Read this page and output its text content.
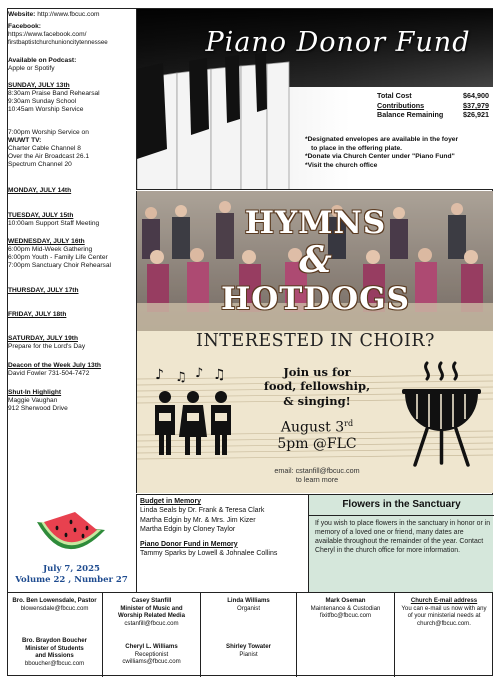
Website: http://www.fbcuc.com
Facebook:
https://www.facebook.com/
firstbaptistchurchunioncitytennessee
Available on Podcast:
Apple or Spotify
SUNDAY, JULY 13th
8:30am Praise Band Rehearsal
9:30am Sunday School
10:45am Worship Service
7:00pm Worship Service on
WUWT TV:
Charter Cable Channel 8
Over the Air Broadcast 26.1
Spectrum Channel 20
MONDAY, JULY 14th
TUESDAY, JULY 15th
10:00am Support Staff Meeting
WEDNESDAY, JULY 16th
6:00pm Mid-Week Gathering
6:00pm Youth - Family Life Center
7:00pm Sanctuary Choir Rehearsal
THURSDAY, JULY 17th
FRIDAY, JULY 18th
SATURDAY, JULY 19th
Prepare for the Lord's Day
Deacon of the Week July 13th
David Fowler 731-504-7472
Shut-In Highlight
Maggie Vaughan
912 Sherwood Drive
Piano Donor Fund
Total Cost	$64,900
Contributions	$37,979
Balance Remaining	$26,921
*Designated envelopes are available in the foyer
to place in the offering plate.
*Donate via Church Center under "Piano Fund"
*Visit the church office
HYMNS
&
HOTDOGS
INTERESTED IN CHOIR?
♪ ♫ ♪ ♫	Join us for
food, fellowship,
& singing!
August 3rd
5pm @FLC
email: cstanfill@fbcuc.com
to learn more
July 7, 2025
Volume 22 , Number 27
Budget in Memory
Linda Seals by Dr. Frank & Teresa Clark
Martha Edgin by Mr. & Mrs. Jim Kizer
Martha Edgin by Cloney Taylor
Piano Donor Fund in Memory
Tammy Sparks by Lowell & Johnalee Collins
Flowers in the Sanctuary
If you wish to place flowers in the sanctuary in honor or in memory of a loved one or friend, many dates are available throughout the remainder of the year. Contact Cheryl in the church office for more information.
Bro. Ben Lowensdale, Pastor
blowensdale@fbcuc.com
Bro. Braydon Boucher
Minister of Students
and Missions
bboucher@fbcuc.com
Casey Stanfill
Minister of Music and
Worship Related Media
cstanfill@fbcuc.com
Cheryl L. Williams
Receptionist
cwilliams@fbcuc.com
Linda Williams
Organist
Shirley Towater
Pianist
Mark Oseman
Maintenance & Custodian
fixitfbc@fbcuc.com
Church E-mail address
You can e-mail us now with any
of your ministerial needs at
church@fbcuc.com.
